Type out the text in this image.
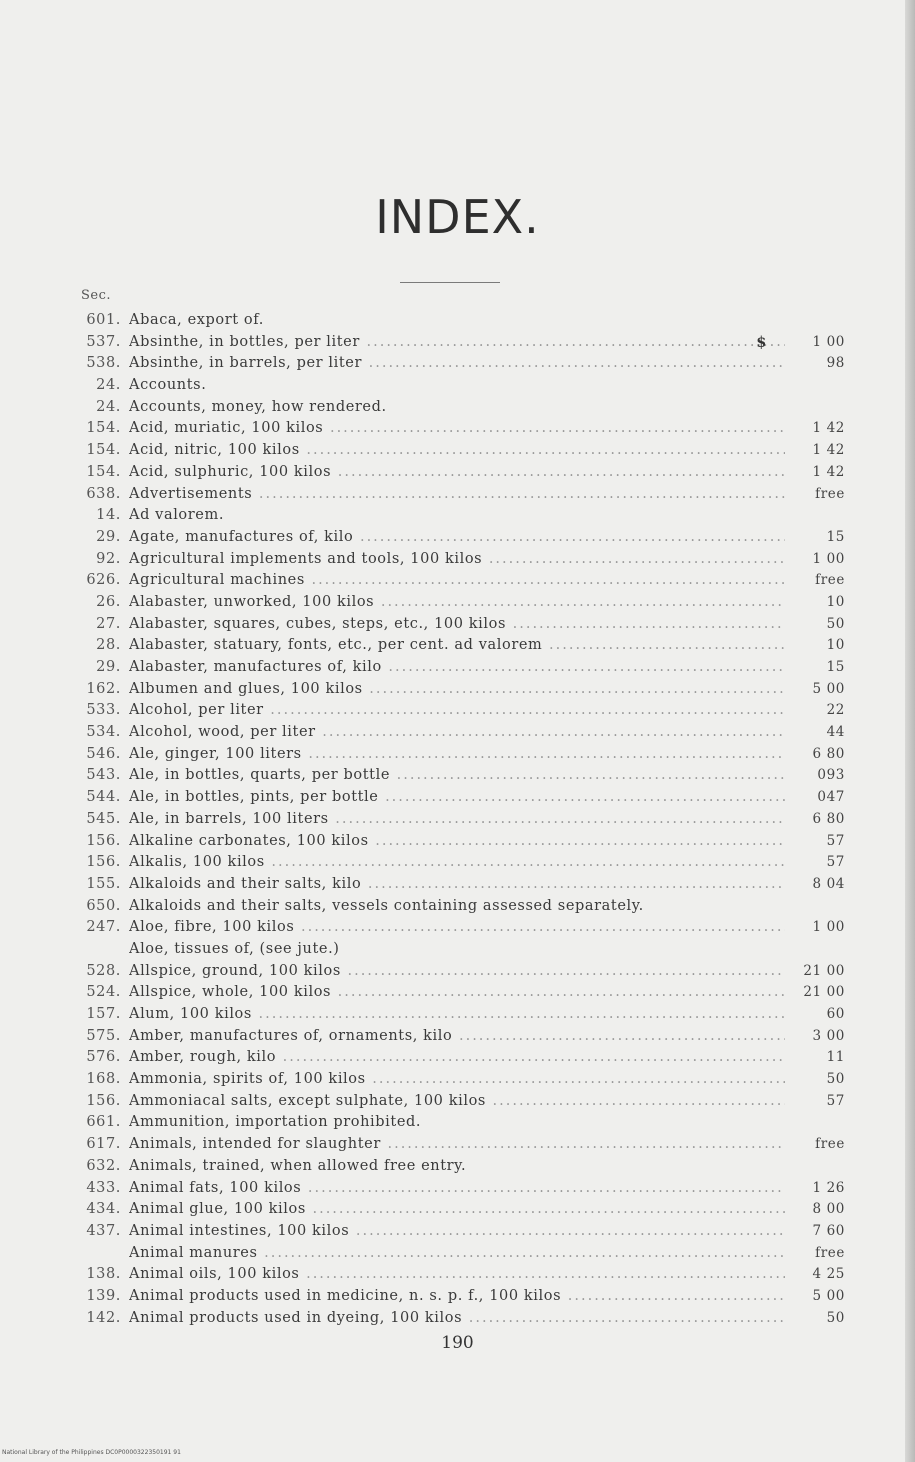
INDEX.
Sec.
601. Abaca, export of.
537. Absinthe, in bottles, per liter .....	$	1 00
538. Absinthe, in barrels, per liter .....	98
24. Accounts.
24. Accounts, money, how rendered.
154. Acid, muriatic, 100 kilos .....	1 42
154. Acid, nitric, 100 kilos .....	1 42
154. Acid, sulphuric, 100 kilos .....	1 42
638. Advertisements .....	free
14. Ad valorem.
29. Agate, manufactures of, kilo .....	15
92. Agricultural implements and tools, 100 kilos .....	1 00
626. Agricultural machines .....	free
26. Alabaster, unworked, 100 kilos .....	10
27. Alabaster, squares, cubes, steps, etc., 100 kilos .....	50
28. Alabaster, statuary, fonts, etc., per cent. ad valorem .....	10
29. Alabaster, manufactures of, kilo .....	15
162. Albumen and glues, 100 kilos .....	5 00
533. Alcohol, per liter .....	22
534. Alcohol, wood, per liter .....	44
546. Ale, ginger, 100 liters .....	6 80
543. Ale, in bottles, quarts, per bottle .....	093
544. Ale, in bottles, pints, per bottle .....	047
545. Ale, in barrels, 100 liters .....	6 80
156. Alkaline carbonates, 100 kilos .....	57
156. Alkalis, 100 kilos .....	57
155. Alkaloids and their salts, kilo .....	8 04
650. Alkaloids and their salts, vessels containing assessed separately.
247. Aloe, fibre, 100 kilos .....	1 00
Aloe, tissues of, (see jute.)
528. Allspice, ground, 100 kilos .....	21 00
524. Allspice, whole, 100 kilos .....	21 00
157. Alum, 100 kilos .....	60
575. Amber, manufactures of, ornaments, kilo .....	3 00
576. Amber, rough, kilo .....	11
168. Ammonia, spirits of, 100 kilos .....	50
156. Ammoniacal salts, except sulphate, 100 kilos .....	57
661. Ammunition, importation prohibited.
617. Animals, intended for slaughter .....	free
632. Animals, trained, when allowed free entry.
433. Animal fats, 100 kilos .....	1 26
434. Animal glue, 100 kilos .....	8 00
437. Animal intestines, 100 kilos .....	7 60
Animal manures .....	free
138. Animal oils, 100 kilos .....	4 25
139. Animal products used in medicine, n. s. p. f., 100 kilos .....	5 00
142. Animal products used in dyeing, 100 kilos .....	50
190
National Library of the Philippines DC0P0000322350191 91
